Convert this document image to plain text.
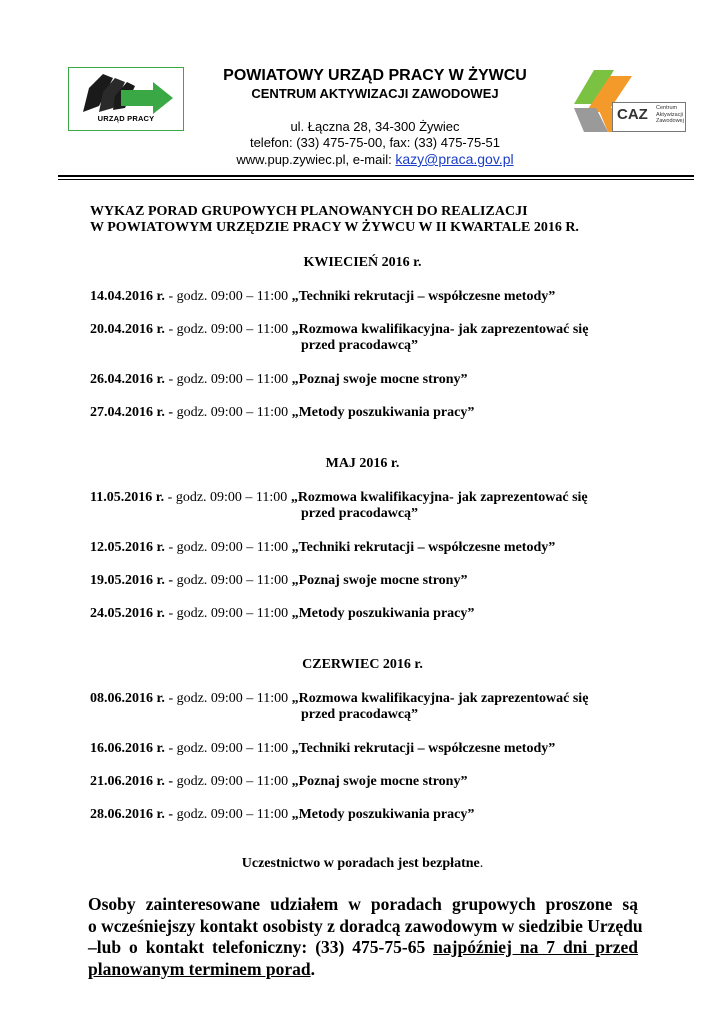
URZĄD PRACY
POWIATOWY URZĄD PRACY W ŻYWCU
CENTRUM AKTYWIZACJI ZAWODOWEJ
ul. Łączna 28, 34-300 Żywiec
telefon: (33) 475-75-00, fax: (33) 475-75-51
www.pup.zywiec.pl, e-mail: kazy@praca.gov.pl
CAZ Centrum
Aktywizacji
Zawodowej
WYKAZ PORAD GRUPOWYCH PLANOWANYCH DO REALIZACJI
W POWIATOWYM URZĘDZIE PRACY W ŻYWCU W II KWARTALE 2016 R.
KWIECIEŃ 2016 r.
14.04.2016 r. - godz. 09:00 – 11:00 „Techniki rekrutacji – współczesne metody”
20.04.2016 r. - godz. 09:00 – 11:00 „Rozmowa kwalifikacyjna- jak zaprezentować się
przed pracodawcą”
26.04.2016 r. - godz. 09:00 – 11:00 „Poznaj swoje mocne strony”
27.04.2016 r. - godz. 09:00 – 11:00 „Metody poszukiwania pracy”
MAJ 2016 r.
11.05.2016 r. - godz. 09:00 – 11:00 „Rozmowa kwalifikacyjna- jak zaprezentować się
przed pracodawcą”
12.05.2016 r. - godz. 09:00 – 11:00 „Techniki rekrutacji – współczesne metody”
19.05.2016 r. - godz. 09:00 – 11:00 „Poznaj swoje mocne strony”
24.05.2016 r. - godz. 09:00 – 11:00 „Metody poszukiwania pracy”
CZERWIEC 2016 r.
08.06.2016 r. - godz. 09:00 – 11:00 „Rozmowa kwalifikacyjna- jak zaprezentować się
przed pracodawcą”
16.06.2016 r. - godz. 09:00 – 11:00 „Techniki rekrutacji – współczesne metody”
21.06.2016 r. - godz. 09:00 – 11:00 „Poznaj swoje mocne strony”
28.06.2016 r. - godz. 09:00 – 11:00 „Metody poszukiwania pracy”
Uczestnictwo w poradach jest bezpłatne.
Osoby zainteresowane udziałem w poradach grupowych proszone są
o wcześniejszy kontakt osobisty z doradcą zawodowym w siedzibie Urzędu
–lub o kontakt telefoniczny: (33) 475-75-65 najpóźniej na 7 dni przed
planowanym terminem porad.
